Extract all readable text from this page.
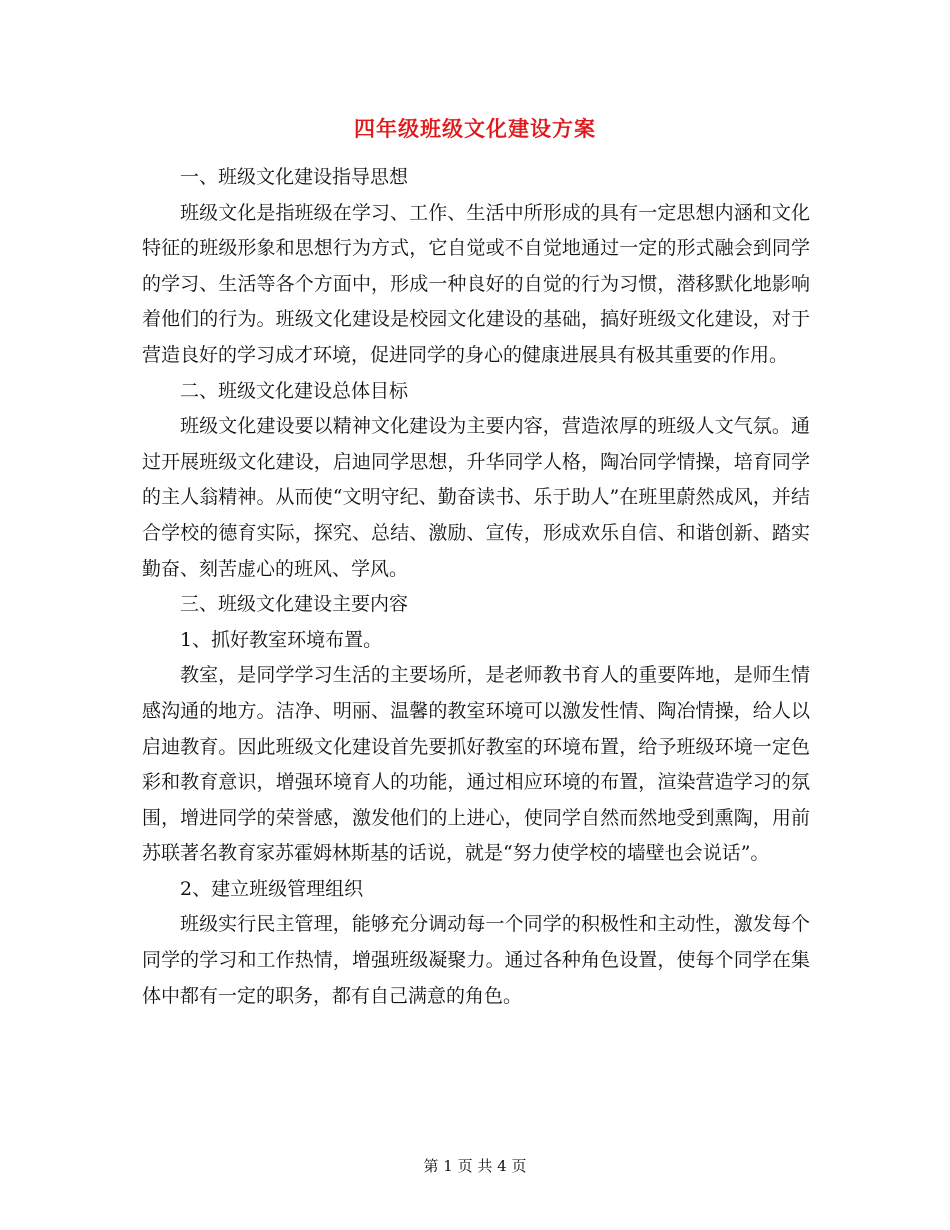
四年级班级文化建设方案

一、班级文化建设指导思想

班级文化是指班级在学习、工作、生活中所形成的具有一定思想内涵和文化特征的班级形象和思想行为方式，它自觉或不自觉地通过一定的形式融会到同学的学习、生活等各个方面中，形成一种良好的自觉的行为习惯，潜移默化地影响着他们的行为。班级文化建设是校园文化建设的基础，搞好班级文化建设，对于营造良好的学习成才环境，促进同学的身心的健康进展具有极其重要的作用。

二、班级文化建设总体目标

班级文化建设要以精神文化建设为主要内容，营造浓厚的班级人文气氛。通过开展班级文化建设，启迪同学思想，升华同学人格，陶冶同学情操，培育同学的主人翁精神。从而使“文明守纪、勤奋读书、乐于助人”在班里蔚然成风，并结合学校的德育实际，探究、总结、激励、宣传，形成欢乐自信、和谐创新、踏实勤奋、刻苦虚心的班风、学风。

三、班级文化建设主要内容

1、抓好教室环境布置。

教室，是同学学习生活的主要场所，是老师教书育人的重要阵地，是师生情感沟通的地方。洁净、明丽、温馨的教室环境可以激发性情、陶冶情操，给人以启迪教育。因此班级文化建设首先要抓好教室的环境布置，给予班级环境一定色彩和教育意识，增强环境育人的功能，通过相应环境的布置，渲染营造学习的氛围，增进同学的荣誉感，激发他们的上进心，使同学自然而然地受到熏陶，用前苏联著名教育家苏霍姆林斯基的话说，就是“努力使学校的墙壁也会说话”。

2、建立班级管理组织

班级实行民主管理，能够充分调动每一个同学的积极性和主动性，激发每个同学的学习和工作热情，增强班级凝聚力。通过各种角色设置，使每个同学在集体中都有一定的职务，都有自己满意的角色。

第 1 页 共 4 页
